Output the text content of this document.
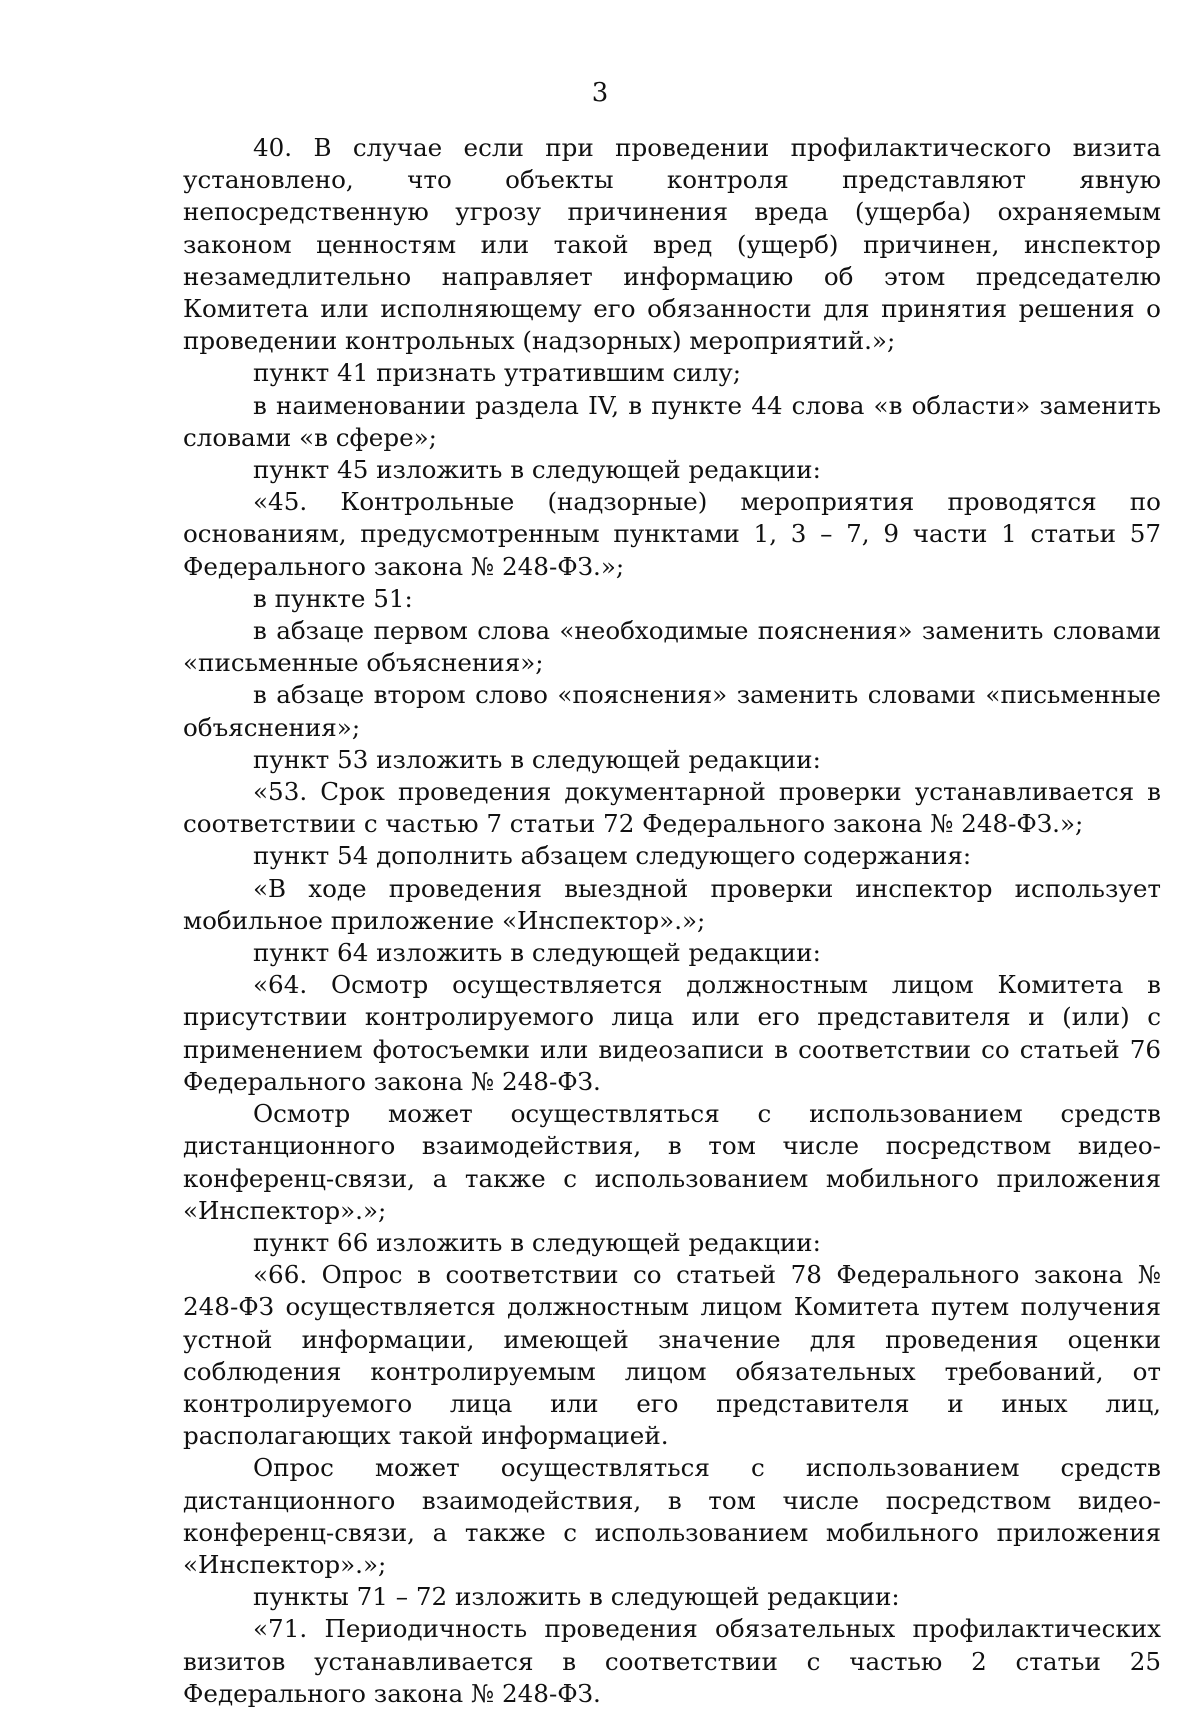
3

40. В случае если при проведении профилактического визита установлено, что объекты контроля представляют явную непосредственную угрозу причинения вреда (ущерба) охраняемым законом ценностям или такой вред (ущерб) причинен, инспектор незамедлительно направляет информацию об этом председателю Комитета или исполняющему его обязанности для принятия решения о проведении контрольных (надзорных) мероприятий.»;

пункт 41 признать утратившим силу;

в наименовании раздела IV, в пункте 44 слова «в области» заменить словами «в сфере»;

пункт 45 изложить в следующей редакции:

«45. Контрольные (надзорные) мероприятия проводятся по основаниям, предусмотренным пунктами 1, 3 – 7, 9 части 1 статьи 57 Федерального закона № 248-ФЗ.»;

в пункте 51:

в абзаце первом слова «необходимые пояснения» заменить словами «письменные объяснения»;

в абзаце втором слово «пояснения» заменить словами «письменные объяснения»;

пункт 53 изложить в следующей редакции:

«53. Срок проведения документарной проверки устанавливается в соответствии с частью 7 статьи 72 Федерального закона № 248-ФЗ.»;

пункт 54 дополнить абзацем следующего содержания:

«В ходе проведения выездной проверки инспектор использует мобильное приложение «Инспектор».»;

пункт 64 изложить в следующей редакции:

«64. Осмотр осуществляется должностным лицом Комитета в присутствии контролируемого лица или его представителя и (или) с применением фотосъемки или видеозаписи в соответствии со статьей 76 Федерального закона № 248-ФЗ.

Осмотр может осуществляться с использованием средств дистанционного взаимодействия, в том числе посредством видео-конференц-связи, а также с использованием мобильного приложения «Инспектор».»;

пункт 66 изложить в следующей редакции:

«66. Опрос в соответствии со статьей 78 Федерального закона № 248-ФЗ осуществляется должностным лицом Комитета путем получения устной информации, имеющей значение для проведения оценки соблюдения контролируемым лицом обязательных требований, от контролируемого лица или его представителя и иных лиц, располагающих такой информацией.

Опрос может осуществляться с использованием средств дистанционного взаимодействия, в том числе посредством видео-конференц-связи, а также с использованием мобильного приложения «Инспектор».»;

пункты 71 – 72 изложить в следующей редакции:

«71. Периодичность проведения обязательных профилактических визитов устанавливается в соответствии с частью 2 статьи 25 Федерального закона № 248-ФЗ.
